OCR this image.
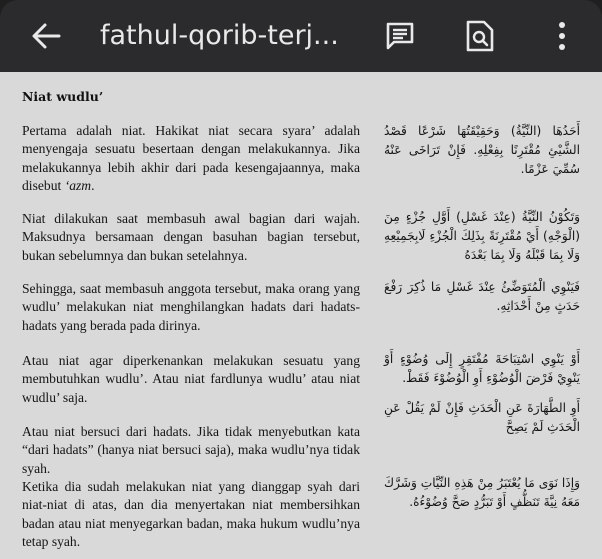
fathul-qorib-terj...
Niat wudlu’

Pertama adalah niat. Hakikat niat secara syara’ adalah menyengaja sesuatu besertaan dengan melakukannya. Jika melakukannya lebih akhir dari pada kesengajaannya, maka disebut ‘azm.

أَحَدُهَا (النِّيَّةُ) وَحَقِيْقَتُهَا شَرْعًا قَصْدُ الشَّيْئِ مُقْتَرِنًا بِفِعْلِهِ. فَإِنْ تَرَاخَى عَنْهُ سُمِّيَ عَزْمًا.

Niat dilakukan saat membasuh awal bagian dari wajah. Maksudnya bersamaan dengan basuhan bagian tersebut, bukan sebelumnya dan bukan setelahnya.

وَتَكُوْنُ النِّيَّةُ (عِنْدَ غَسْلِ) أَوَّلِ جُزْءٍ مِنَ (الْوَجْهِ) أَيْ مُقْتَرِنَةً بِذَلِكَ الْجُزْءِ لَابِجَمِيْعِهِ وَلَا بِمَا قَبْلَهُ وَلَا بِمَا بَعْدَهُ

Sehingga, saat membasuh anggota tersebut, maka orang yang wudlu’ melakukan niat menghilangkan hadats dari hadats-hadats yang berada pada dirinya.

فَيَنْوِي الْمُتَوَضِّئُ عِنْدَ غَسْلِ مَا ذُكِرَ رَفْعَ حَدَثٍ مِنْ أَحْدَاثِهِ.

Atau niat agar diperkenankan melakukan sesuatu yang membutuhkan wudlu’. Atau niat fardlunya wudlu’ atau niat wudlu’ saja.

أَوْ يَنْوِي اسْتِبَاحَةَ مُفْتَقِرٍ إِلَى وُضُوْءٍ أَوْ يَنْوِيْ فَرْضَ الْوُضُوْءِ أَوِ الْوُضُوْءَ فَقَطْ.

Atau niat bersuci dari hadats. Jika tidak menyebutkan kata “dari hadats” (hanya niat bersuci saja), maka wudlu’nya tidak syah.

أَوِ الطَّهَارَةَ عَنِ الْحَدَثِ فَإِنْ لَمْ يَقُلْ عَنِ الْحَدَثِ لَمْ يَصِحَّ

Ketika dia sudah melakukan niat yang dianggap syah dari niat-niat di atas, dan dia menyertakan niat membersihkan badan atau niat menyegarkan badan, maka hukum wudlu’nya tetap syah.

وَإِذَا نَوَى مَا يُعْتَبَرُ مِنْ هَذِهِ النِّيَّاتِ وَشَرَّكَ مَعَهُ نِيَّةَ تَنَظُّفٍ أَوْ تَبَرُّدٍ صَحَّ وُضُوْءُهُ.
